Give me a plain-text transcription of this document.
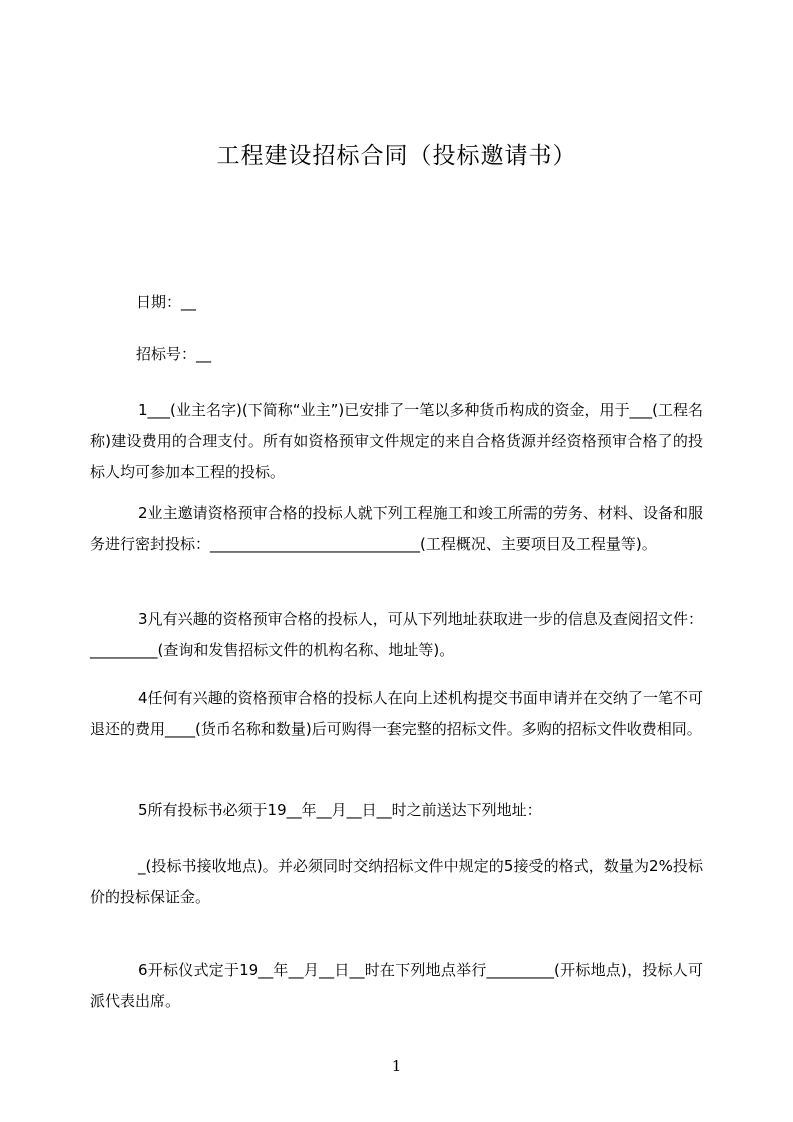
工程建设招标合同（投标邀请书）

日期：__

招标号：__

1___(业主名字)(下简称“业主”)已安排了一笔以多种货币构成的资金，用于___(工程名称)建设费用的合理支付。所有如资格预审文件规定的来自合格货源并经资格预审合格了的投标人均可参加本工程的投标。

2业主邀请资格预审合格的投标人就下列工程施工和竣工所需的劳务、材料、设备和服务进行密封投标：____________________________(工程概况、主要项目及工程量等)。

3凡有兴趣的资格预审合格的投标人，可从下列地址获取进一步的信息及查阅招文件：_________(查询和发售招标文件的机构名称、地址等)。

4任何有兴趣的资格预审合格的投标人在向上述机构提交书面申请并在交纳了一笔不可退还的费用____(货币名称和数量)后可购得一套完整的招标文件。多购的招标文件收费相同。

5所有投标书必须于19__年__月__日__时之前送达下列地址：

_(投标书接收地点)。并必须同时交纳招标文件中规定的5接受的格式，数量为2%投标价的投标保证金。

6开标仪式定于19__年__月__日__时在下列地点举行_________(开标地点)，投标人可派代表出席。

1
